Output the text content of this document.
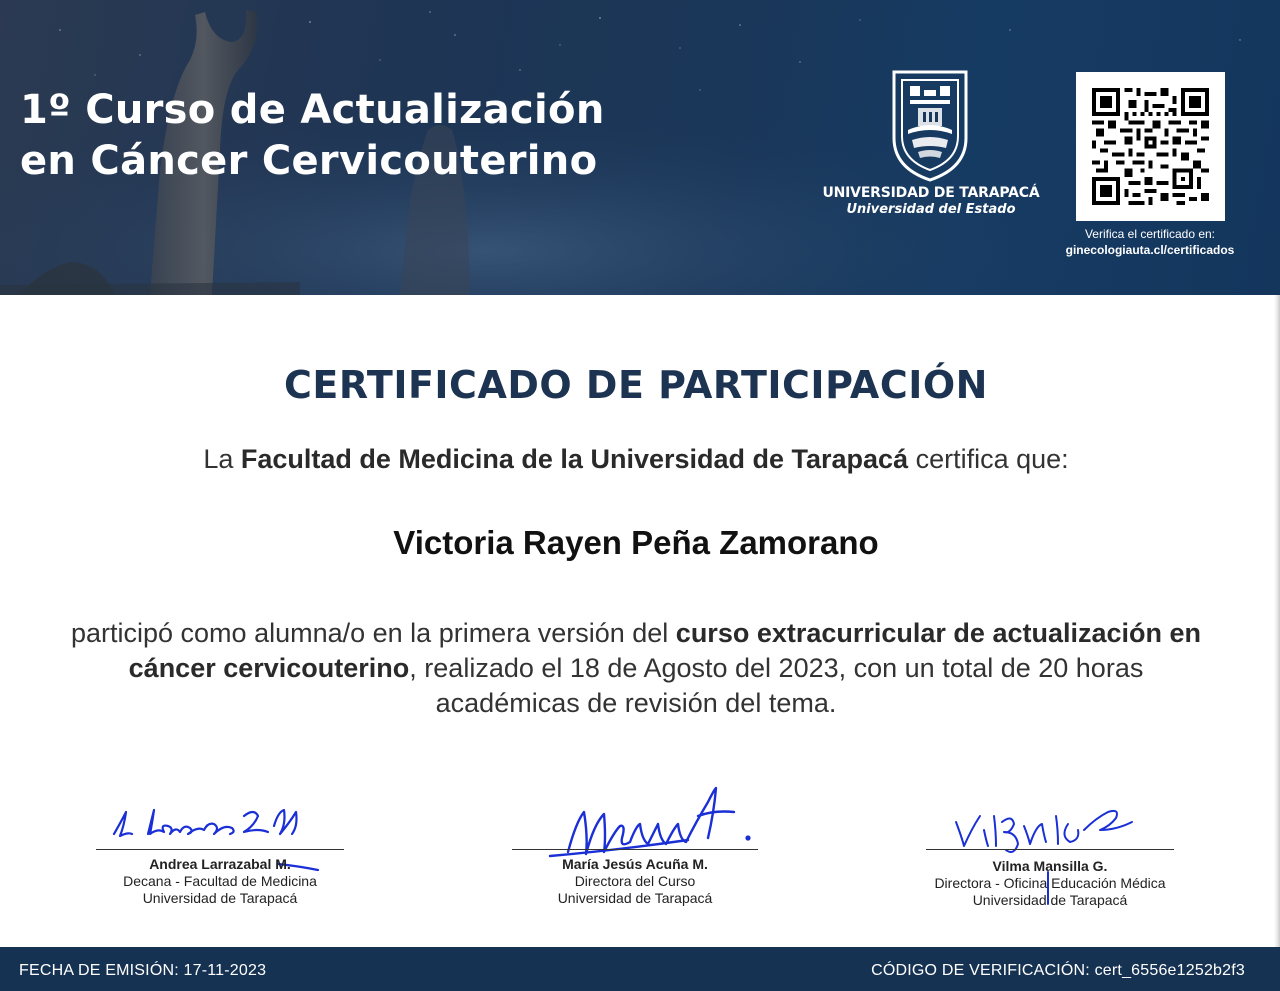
1º Curso de Actualización
en Cáncer Cervicouterino
UNIVERSIDAD DE TARAPACÁ
Universidad del Estado
Verifica el certificado en:
ginecologiauta.cl/certificados
CERTIFICADO DE PARTICIPACIÓN
La Facultad de Medicina de la Universidad de Tarapacá certifica que:
Victoria Rayen Peña Zamorano
participó como alumna/o en la primera versión del curso extracurricular de actualización en cáncer cervicouterino, realizado el 18 de Agosto del 2023, con un total de 20 horas académicas de revisión del tema.
Andrea Larrazabal M.
Decana - Facultad de Medicina
Universidad de Tarapacá
María Jesús Acuña M.
Directora del Curso
Universidad de Tarapacá
Vilma Mansilla G.
Directora - Oficina Educación Médica
Universidad de Tarapacá
FECHA DE EMISIÓN: 17-11-2023	CÓDIGO DE VERIFICACIÓN: cert_6556e1252b2f3
